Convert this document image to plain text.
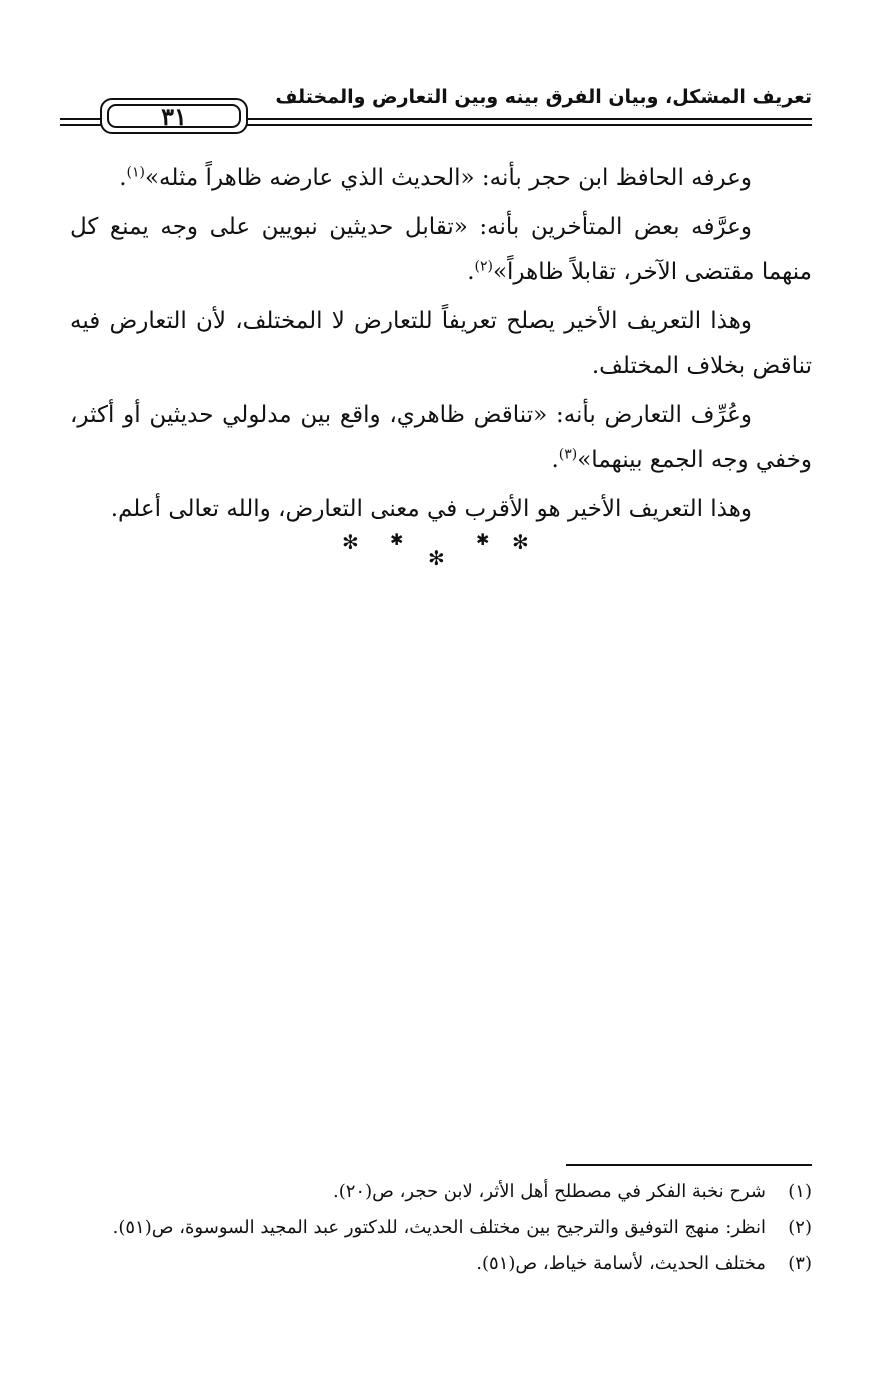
٣١
تعريف المشكل، وبيان الفرق بينه وبين التعارض والمختلف

وعرفه الحافظ ابن حجر بأنه: «الحديث الذي عارضه ظاهراً مثله»$^{(١)}$.

وعرَّفه بعض المتأخرين بأنه: «تقابل حديثين نبويين على وجه يمنع كل منهما مقتضى الآخر، تقابلاً ظاهراً»$^{(٢)}$.

وهذا التعريف الأخير يصلح تعريفاً للتعارض لا المختلف، لأن التعارض فيه تناقض بخلاف المختلف.

وعُرِّف التعارض بأنه: «تناقض ظاهري، واقع بين مدلولي حديثين أو أكثر، وخفي وجه الجمع بينهما»$^{(٣)}$.

وهذا التعريف الأخير هو الأقرب في معنى التعارض، والله تعالى أعلم.

✻ ✱
✻
✱ ✻
(١)
شرح نخبة الفكر في مصطلح أهل الأثر، لابن حجر، ص(٢٠).
(٢)
انظر: منهج التوفيق والترجيح بين مختلف الحديث، للدكتور عبد المجيد السوسوة، ص(٥١).
(٣)
مختلف الحديث، لأسامة خياط، ص(٥١).
